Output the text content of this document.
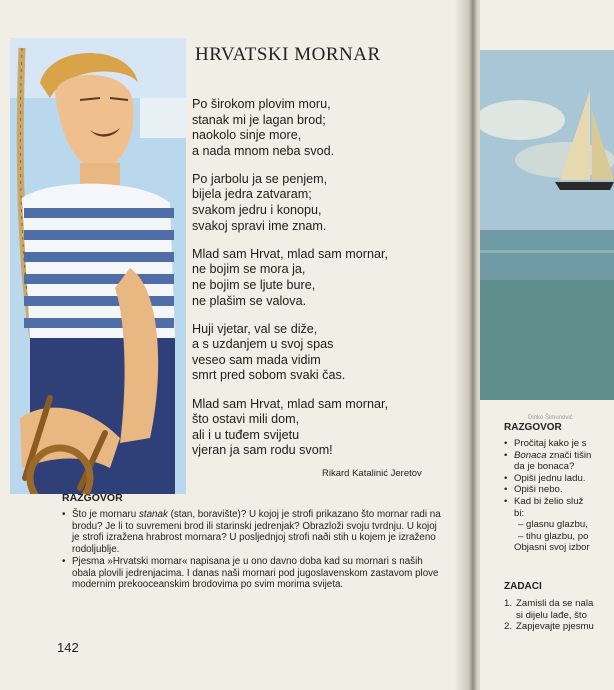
HRVATSKI MORNAR
Po širokom plovim moru,
stanak mi je lagan brod;
naokolo sinje more,
a nada mnom neba svod.
Po jarbolu ja se penjem,
bijela jedra zatvaram;
svakom jedru i konopu,
svakoj spravi ime znam.
Mlad sam Hrvat, mlad sam mornar,
ne bojim se mora ja,
ne bojim se ljute bure,
ne plašim se valova.
Huji vjetar, val se diže,
a s uzdanjem u svoj spas
veseo sam mada vidim
smrt pred sobom svaki čas.
Mlad sam Hrvat, mlad sam mornar,
što ostavi mili dom,
ali i u tuđem svijetu
vjeran ja sam rodu svom!
Rikard Katalinić Jeretov
RAZGOVOR
• Što je mornaru stanak (stan, boravište)? U kojoj je strofi prikazano što mornar radi na brodu? Je li to suvremeni brod ili starinski jedrenjak? Obrazloži svoju tvrdnju. U kojoj je strofi izražena hrabrost mornara? U posljednjoj strofi naði stih u kojem je izraženo rodoljublje.
• Pjesma »Hrvatski mornar« napisana je u ono davno doba kad su mornari s naših obala plovili jedrenjacima. I danas naši mornari pod jugoslavenskom zastavom plove modernim prekooceanskim brodovima po svim morima svijeta.
142
Dinko Šimunović
RAZGOVOR
• Pročitaj kako je s
• Bonaca znači tišin
da je bonaca?
• Opiši jednu ladu.
• Opiši nebo.
• Kad bi želio služ
bi:
– glasnu glazbu,
– tihu glazbu, po
Objasni svoj izbor
ZADACI
1. Zamisli da se nala
si dijelu lađe, što
2. Zapjevajte pjesmu
